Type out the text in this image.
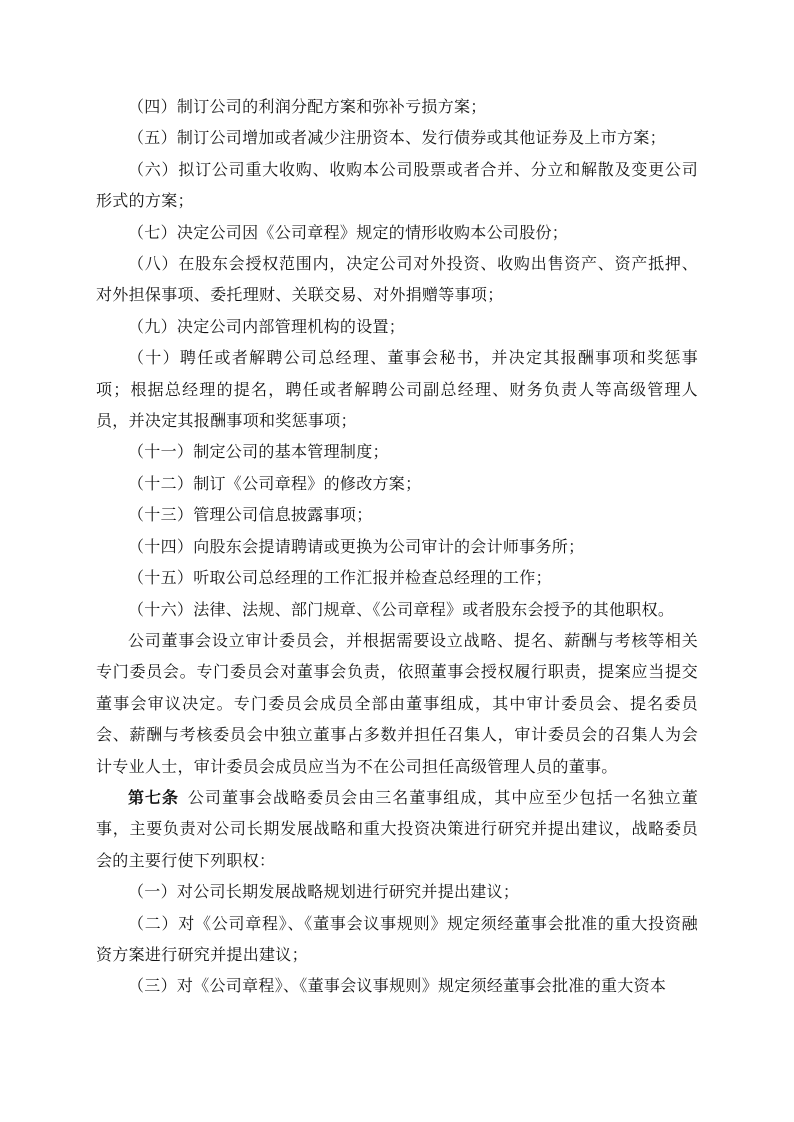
（四）制订公司的利润分配方案和弥补亏损方案；

（五）制订公司增加或者减少注册资本、发行债券或其他证券及上市方案；

（六）拟订公司重大收购、收购本公司股票或者合并、分立和解散及变更公司形式的方案；

（七）决定公司因《公司章程》规定的情形收购本公司股份；

（八）在股东会授权范围内，决定公司对外投资、收购出售资产、资产抵押、对外担保事项、委托理财、关联交易、对外捐赠等事项；

（九）决定公司内部管理机构的设置；

（十）聘任或者解聘公司总经理、董事会秘书，并决定其报酬事项和奖惩事项；根据总经理的提名，聘任或者解聘公司副总经理、财务负责人等高级管理人员，并决定其报酬事项和奖惩事项；

（十一）制定公司的基本管理制度；

（十二）制订《公司章程》的修改方案；

（十三）管理公司信息披露事项；

（十四）向股东会提请聘请或更换为公司审计的会计师事务所；

（十五）听取公司总经理的工作汇报并检查总经理的工作；

（十六）法律、法规、部门规章、《公司章程》或者股东会授予的其他职权。

公司董事会设立审计委员会，并根据需要设立战略、提名、薪酬与考核等相关专门委员会。专门委员会对董事会负责，依照董事会授权履行职责，提案应当提交董事会审议决定。专门委员会成员全部由董事组成，其中审计委员会、提名委员会、薪酬与考核委员会中独立董事占多数并担任召集人，审计委员会的召集人为会计专业人士，审计委员会成员应当为不在公司担任高级管理人员的董事。

第七条 公司董事会战略委员会由三名董事组成，其中应至少包括一名独立董事，主要负责对公司长期发展战略和重大投资决策进行研究并提出建议，战略委员会的主要行使下列职权：

（一）对公司长期发展战略规划进行研究并提出建议；

（二）对《公司章程》、《董事会议事规则》规定须经董事会批准的重大投资融资方案进行研究并提出建议；

（三）对《公司章程》、《董事会议事规则》规定须经董事会批准的重大资本
